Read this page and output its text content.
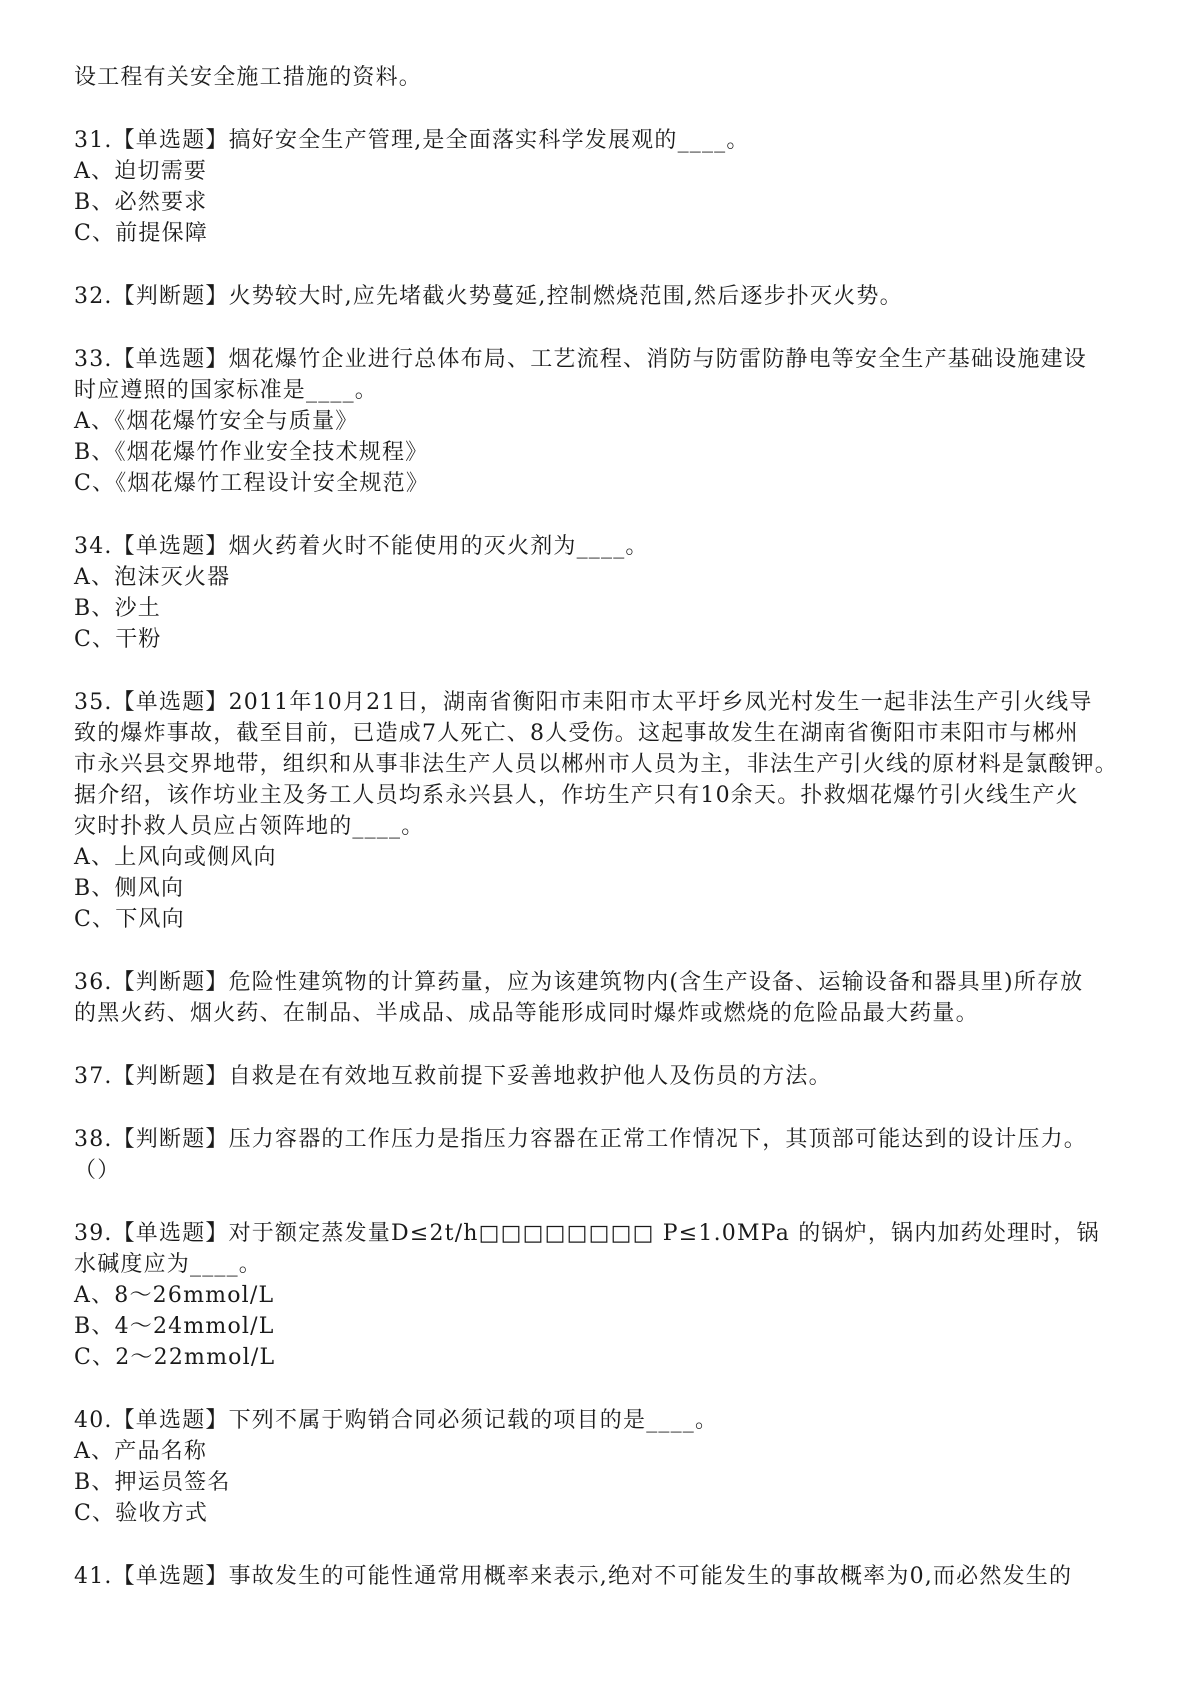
设工程有关安全施工措施的资料。
31.【单选题】搞好安全生产管理,是全面落实科学发展观的____。
A、迫切需要
B、必然要求
C、前提保障
32.【判断题】火势较大时,应先堵截火势蔓延,控制燃烧范围,然后逐步扑灭火势。
33.【单选题】烟花爆竹企业进行总体布局、工艺流程、消防与防雷防静电等安全生产基础设施建设
时应遵照的国家标准是____。
A、《烟花爆竹安全与质量》
B、《烟花爆竹作业安全技术规程》
C、《烟花爆竹工程设计安全规范》
34.【单选题】烟火药着火时不能使用的灭火剂为____。
A、泡沫灭火器
B、沙土
C、干粉
35.【单选题】2011年10月21日，湖南省衡阳市耒阳市太平圩乡凤光村发生一起非法生产引火线导
致的爆炸事故，截至目前，已造成7人死亡、8人受伤。这起事故发生在湖南省衡阳市耒阳市与郴州
市永兴县交界地带，组织和从事非法生产人员以郴州市人员为主，非法生产引火线的原材料是氯酸钾。
据介绍，该作坊业主及务工人员均系永兴县人，作坊生产只有10余天。扑救烟花爆竹引火线生产火
灾时扑救人员应占领阵地的____。
A、上风向或侧风向
B、侧风向
C、下风向
36.【判断题】危险性建筑物的计算药量，应为该建筑物内(含生产设备、运输设备和器具里)所存放
的黑火药、烟火药、在制品、半成品、成品等能形成同时爆炸或燃烧的危险品最大药量。
37.【判断题】自救是在有效地互救前提下妥善地救护他人及伤员的方法。
38.【判断题】压力容器的工作压力是指压力容器在正常工作情况下，其顶部可能达到的设计压力。
（）
39.【单选题】对于额定蒸发量D≤2t/h□□□□□□□□ P≤1.0MPa 的锅炉，锅内加药处理时，锅
水碱度应为____。
A、8～26mmol/L
B、4～24mmol/L
C、2～22mmol/L
40.【单选题】下列不属于购销合同必须记载的项目的是____。
A、产品名称
B、押运员签名
C、验收方式
41.【单选题】事故发生的可能性通常用概率来表示,绝对不可能发生的事故概率为0,而必然发生的
